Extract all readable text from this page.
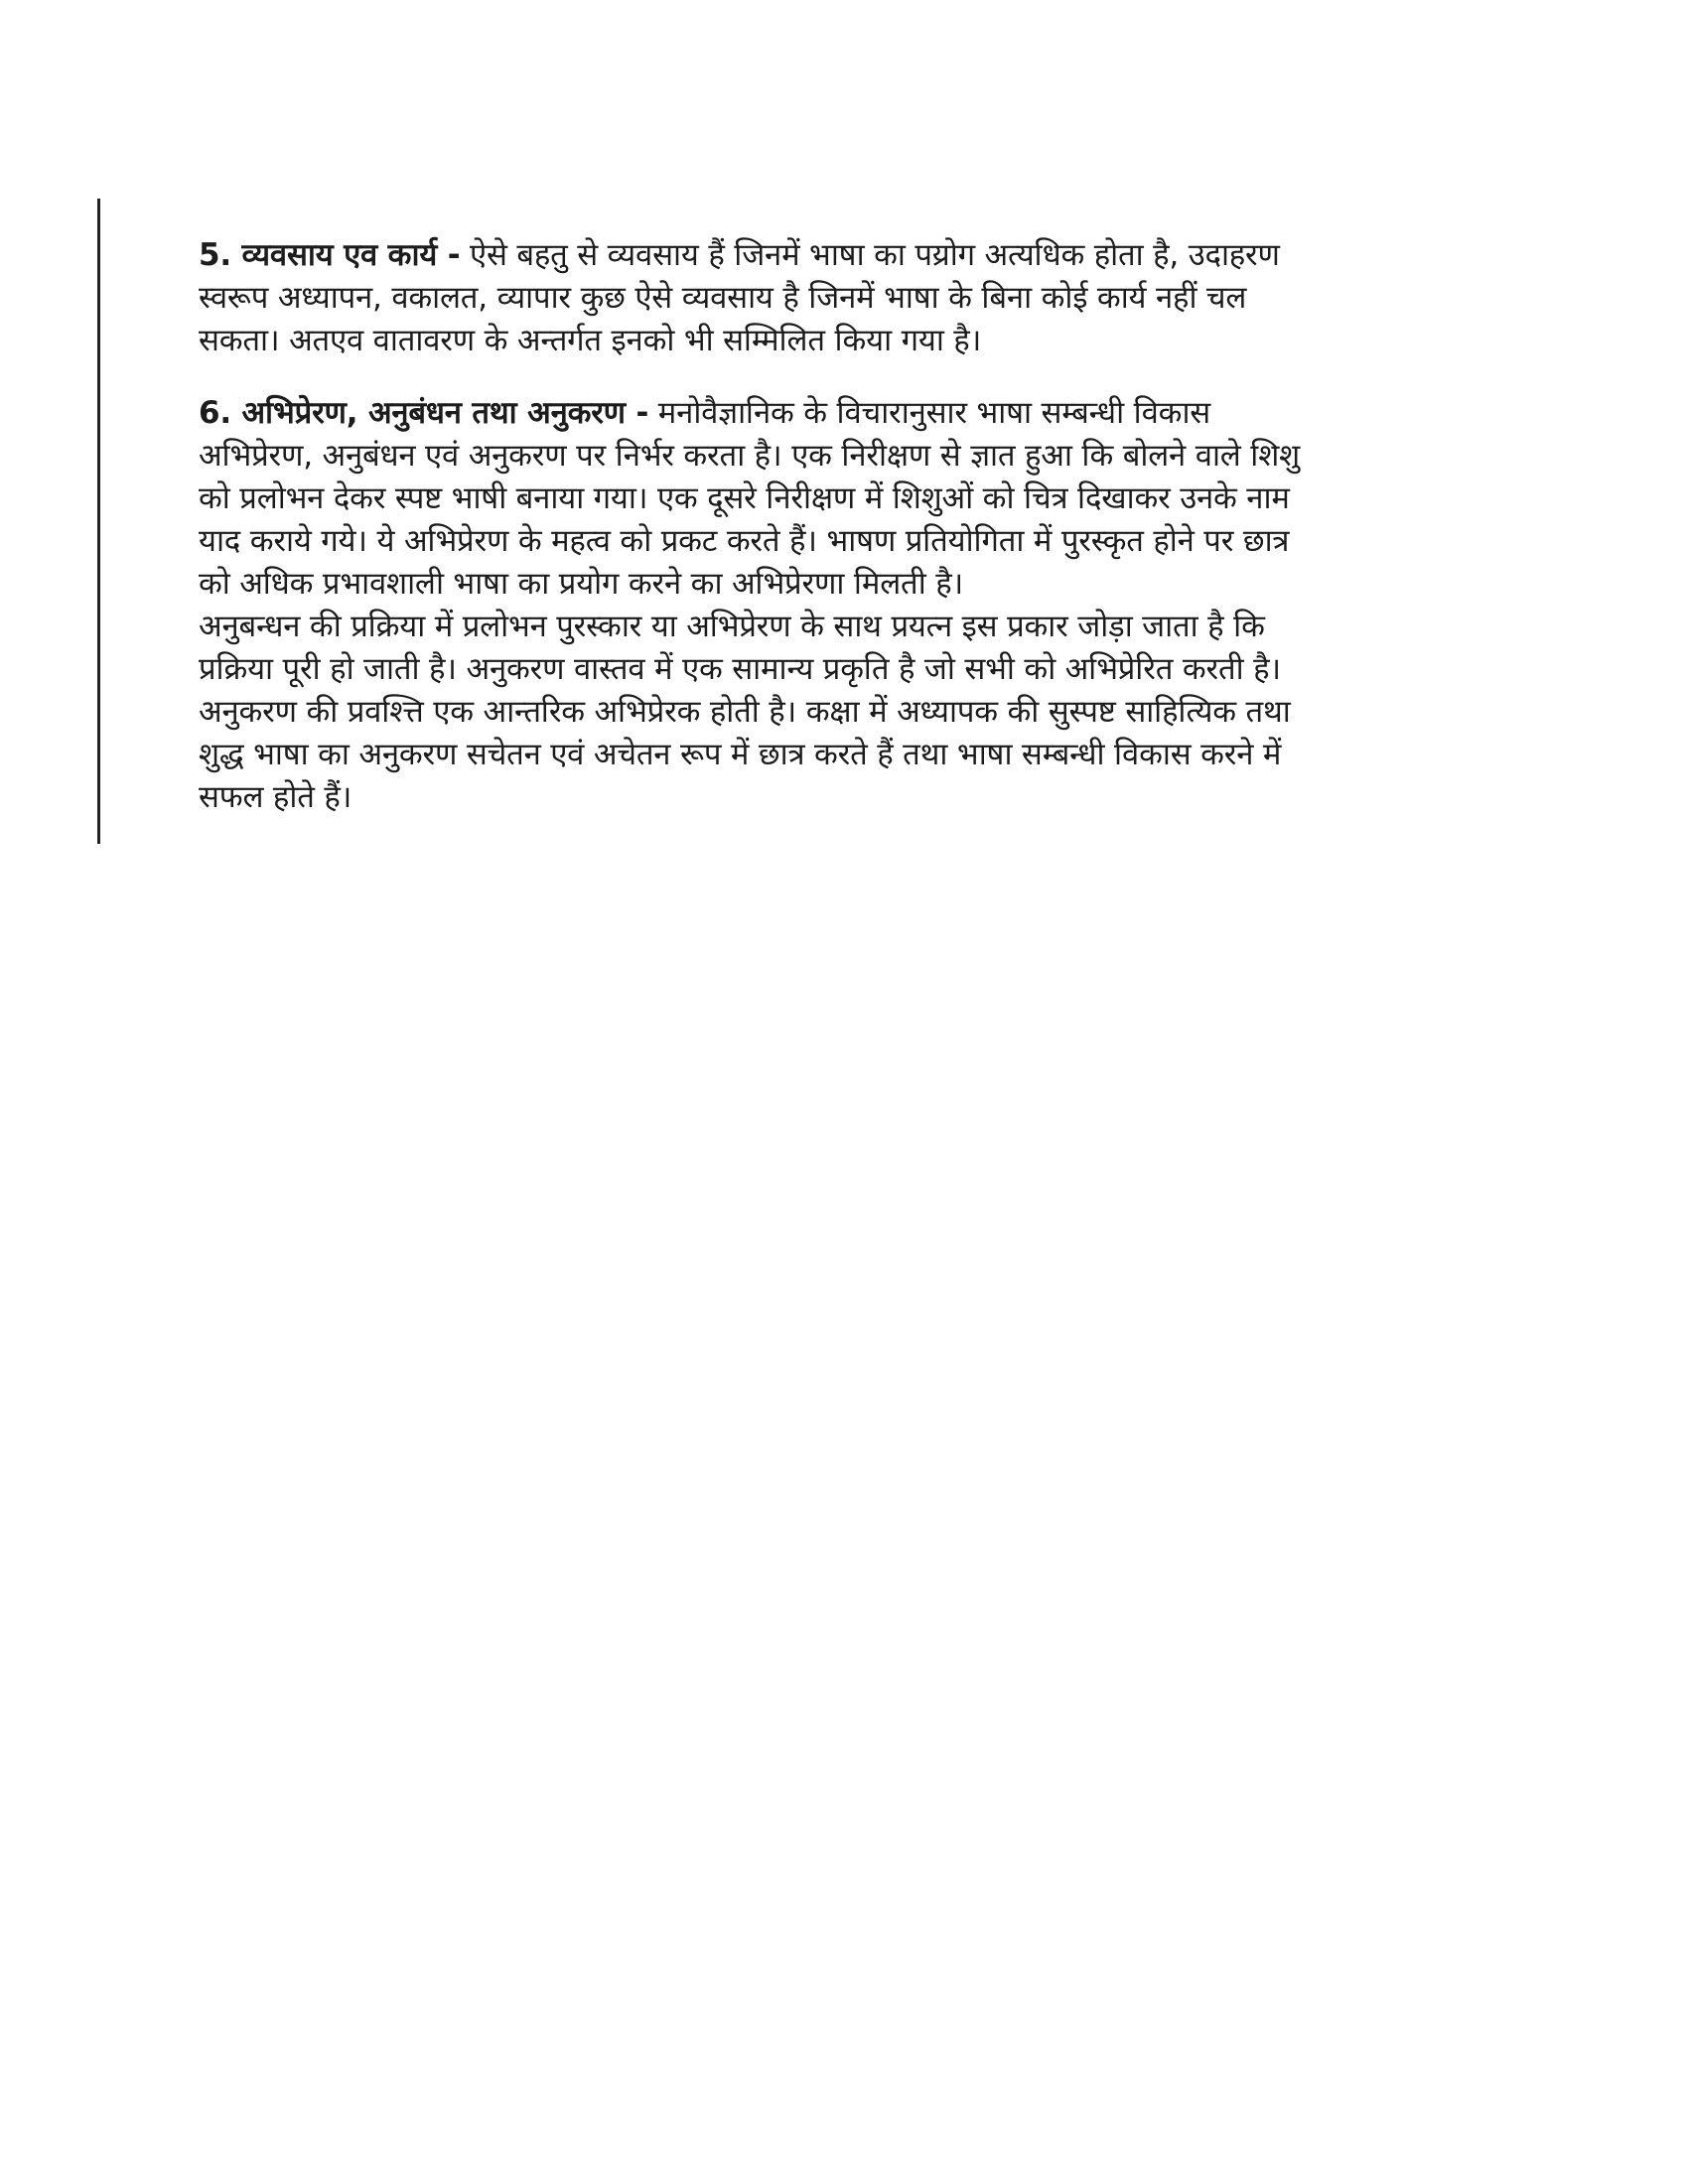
5. व्यवसाय एव कार्य - ऐसे बहतु से व्यवसाय हैं जिनमें भाषा का पय्रोग अत्यधिक होता है, उदाहरण
स्वरूप अध्यापन, वकालत, व्यापार कुछ ऐसे व्यवसाय है जिनमें भाषा के बिना कोई कार्य नहीं चल
सकता। अतएव वातावरण के अन्तर्गत इनको भी सम्मिलित किया गया है।
6. अभिप्रेरण, अनुबंधन तथा अनुकरण - मनोवैज्ञानिक के विचारानुसार भाषा सम्बन्धी विकास
अभिप्रेरण, अनुबंधन एवं अनुकरण पर निर्भर करता है। एक निरीक्षण से ज्ञात हुआ कि बोलने वाले शिशु
को प्रलोभन देकर स्पष्ट भाषी बनाया गया। एक दूसरे निरीक्षण में शिशुओं को चित्र दिखाकर उनके नाम
याद कराये गये। ये अभिप्रेरण के महत्व को प्रकट करते हैं। भाषण प्रतियोगिता में पुरस्कृत होने पर छात्र
को अधिक प्रभावशाली भाषा का प्रयोग करने का अभिप्रेरणा मिलती है।
अनुबन्धन की प्रक्रिया में प्रलोभन पुरस्कार या अभिप्रेरण के साथ प्रयत्न इस प्रकार जोड़ा जाता है कि
प्रक्रिया पूरी हो जाती है। अनुकरण वास्तव में एक सामान्य प्रकृति है जो सभी को अभिप्रेरित करती है।
अनुकरण की प्रवश्त्ति एक आन्तरिक अभिप्रेरक होती है। कक्षा में अध्यापक की सुस्पष्ट साहित्यिक तथा
शुद्ध भाषा का अनुकरण सचेतन एवं अचेतन रूप में छात्र करते हैं तथा भाषा सम्बन्धी विकास करने में
सफल होते हैं।
